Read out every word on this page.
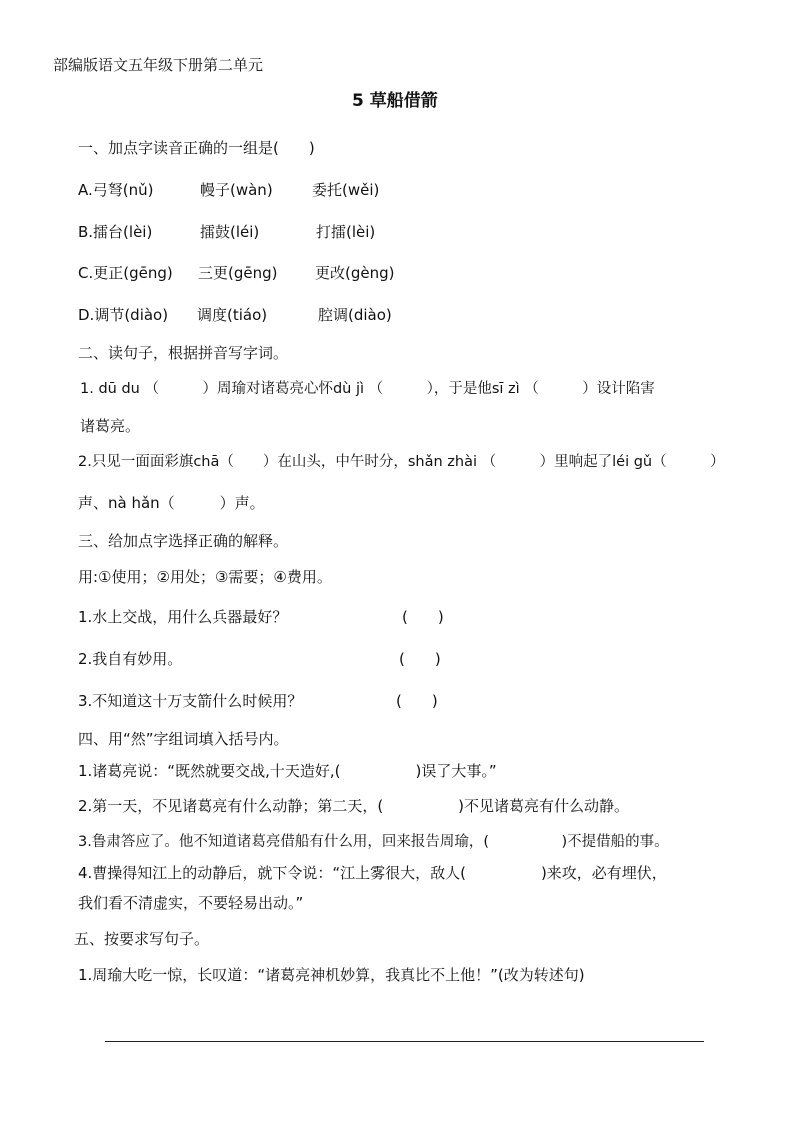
部编版语文五年级下册第二单元
5 草船借箭
一、加点字读音正确的一组是(　　)
A.弓弩(nǔ)	幔子(wàn)	委托(wěi)
B.擂台(lèi)	擂鼓(léi)	打擂(lèi)
C.更正(gēng) 三更(gēng)	更改(gèng)
D.调节(diào) 调度(tiáo)	腔调(diào)
二、读句子，根据拼音写字词。
1. dū du （　　　）周瑜对诸葛亮心怀dù jì （　　　），于是他sī zì （　　　）设计陷害
诸葛亮。
2.只见一面面彩旗chā（　　）在山头，中午时分，shǎn zhài （　　　）里响起了léi gǔ（　　　）
声、nà hǎn（　　　）声。
三、给加点字选择正确的解释。
用:①使用；②用处；③需要；④费用。
1.水上交战，用什么兵器最好？	(　　)
2.我自有妙用。	(　　)
3.不知道这十万支箭什么时候用？	(　　)
四、用“然”字组词填入括号内。
1.诸葛亮说：“既然就要交战,十天造好,(　　　　　)误了大事。”
2.第一天，不见诸葛亮有什么动静；第二天，(　　　　　)不见诸葛亮有什么动静。
3.鲁肃答应了。他不知道诸葛亮借船有什么用，回来报告周瑜，(　　　　　)不提借船的事。
4.曹操得知江上的动静后，就下令说：“江上雾很大，敌人(　　　　　)来攻，必有埋伏，
我们看不清虚实，不要轻易出动。”
五、按要求写句子。
1.周瑜大吃一惊，长叹道：“诸葛亮神机妙算，我真比不上他！”(改为转述句)
